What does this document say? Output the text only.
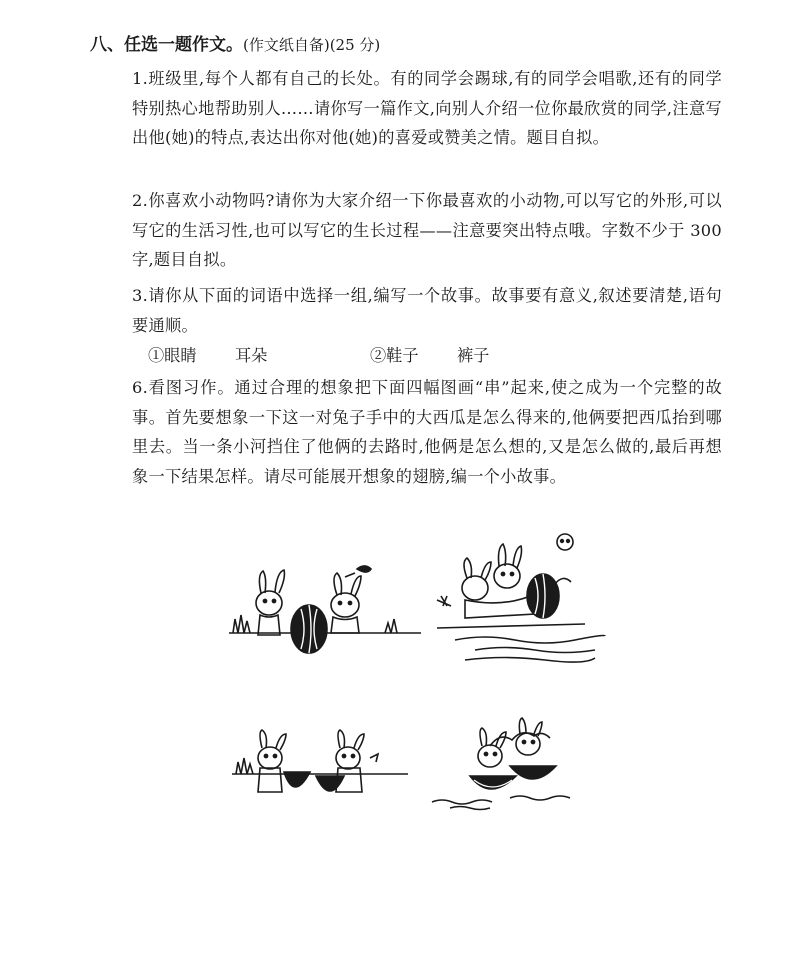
八、任选一题作文。(作文纸自备)(25 分)
1.班级里,每个人都有自己的长处。有的同学会踢球,有的同学会唱歌,还有的同学特别热心地帮助别人……请你写一篇作文,向别人介绍一位你最欣赏的同学,注意写出他(她)的特点,表达出你对他(她)的喜爱或赞美之情。题目自拟。
2.你喜欢小动物吗?请你为大家介绍一下你最喜欢的小动物,可以写它的外形,可以写它的生活习性,也可以写它的生长过程——注意要突出特点哦。字数不少于 300 字,题目自拟。
3.请你从下面的词语中选择一组,编写一个故事。故事要有意义,叙述要清楚,语句要通顺。
①眼睛 耳朵	②鞋子 裤子
6.看图习作。通过合理的想象把下面四幅图画“串”起来,使之成为一个完整的故事。首先要想象一下这一对兔子手中的大西瓜是怎么得来的,他俩要把西瓜抬到哪里去。当一条小河挡住了他俩的去路时,他俩是怎么想的,又是怎么做的,最后再想象一下结果怎样。请尽可能展开想象的翅膀,编一个小故事。
